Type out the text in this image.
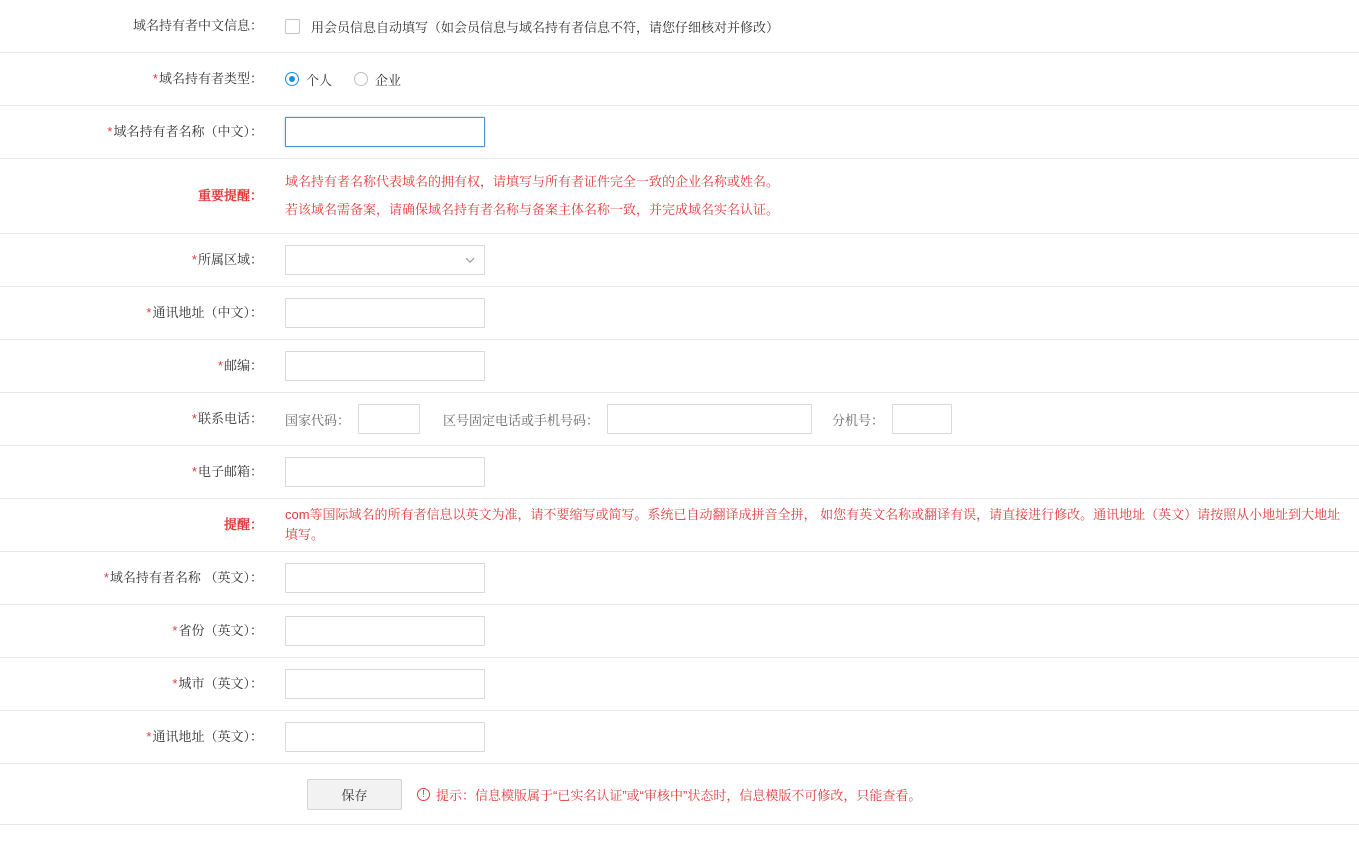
域名持有者中文信息：	用会员信息自动填写（如会员信息与域名持有者信息不符，请您仔细核对并修改）
* 域名持有者类型：	个人	企业
* 域名持有者名称（中文）：
重要提醒：
域名持有者名称代表域名的拥有权，请填写与所有者证件完全一致的企业名称或姓名。
若该域名需备案，请确保域名持有者名称与备案主体名称一致，并完成域名实名认证。
* 所属区域：
* 通讯地址（中文）：
* 邮编：
* 联系电话： 国家代码：	区号固定电话或手机号码：	分机号：
* 电子邮箱：
提醒：
com等国际域名的所有者信息以英文为准，请不要缩写或简写。系统已自动翻译成拼音全拼， 如您有英文名称或翻译有误，请直接进行修改。通讯地址（英文）请按照从小地址到大地址填写。
* 域名持有者名称 （英文）：
* 省份（英文）：
* 城市（英文）：
* 通讯地址（英文）：
保存	! 提示：信息模版属于“已实名认证”或“审核中”状态时，信息模版不可修改，只能查看。
